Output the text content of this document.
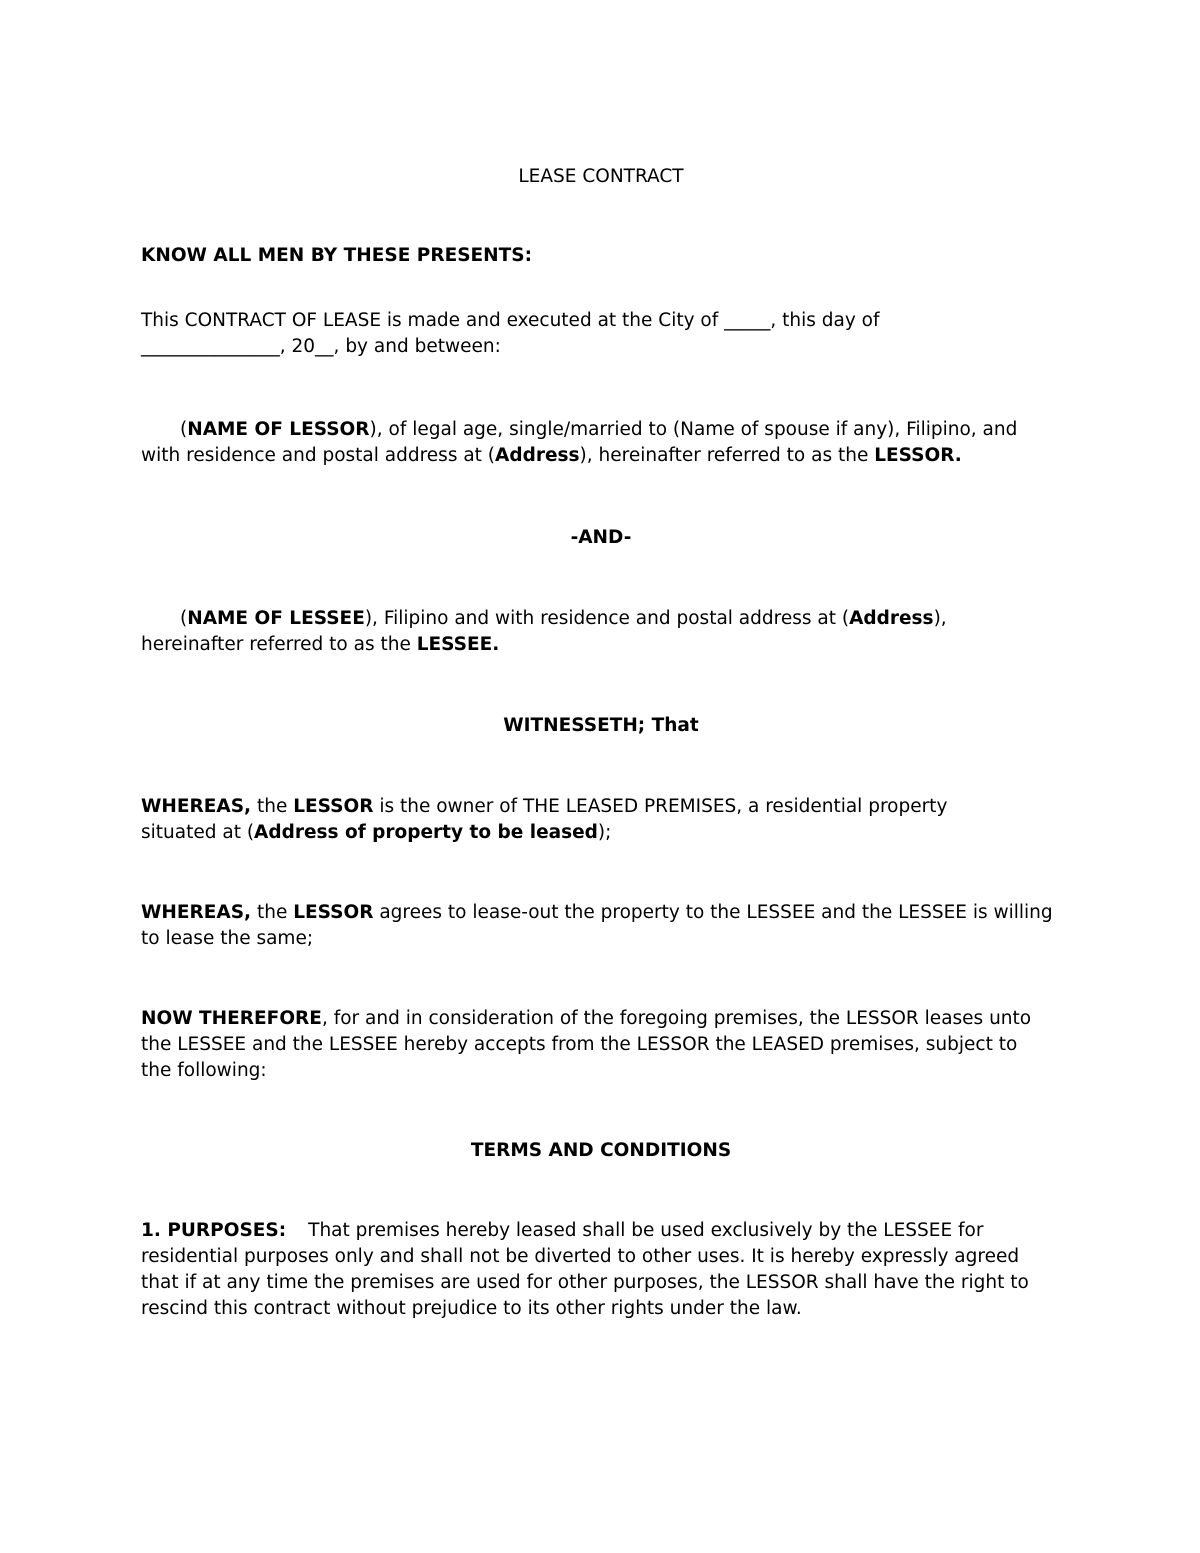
LEASE CONTRACT

KNOW ALL MEN BY THESE PRESENTS:

This CONTRACT OF LEASE is made and executed at the City of _____, this day of
_______________, 20__, by and between:

(NAME OF LESSOR), of legal age, single/married to (Name of spouse if any), Filipino, and with residence and postal address at (Address), hereinafter referred to as the LESSOR.

-AND-

(NAME OF LESSEE), Filipino and with residence and postal address at (Address), hereinafter referred to as the LESSEE.

WITNESSETH; That

WHEREAS, the LESSOR is the owner of THE LEASED PREMISES, a residential property situated at (Address of property to be leased);

WHEREAS, the LESSOR agrees to lease-out the property to the LESSEE and the LESSEE is willing to lease the same;

NOW THEREFORE, for and in consideration of the foregoing premises, the LESSOR leases unto the LESSEE and the LESSEE hereby accepts from the LESSOR the LEASED premises, subject to the following:

TERMS AND CONDITIONS

1. PURPOSES: That premises hereby leased shall be used exclusively by the LESSEE for residential purposes only and shall not be diverted to other uses. It is hereby expressly agreed that if at any time the premises are used for other purposes, the LESSOR shall have the right to rescind this contract without prejudice to its other rights under the law.
